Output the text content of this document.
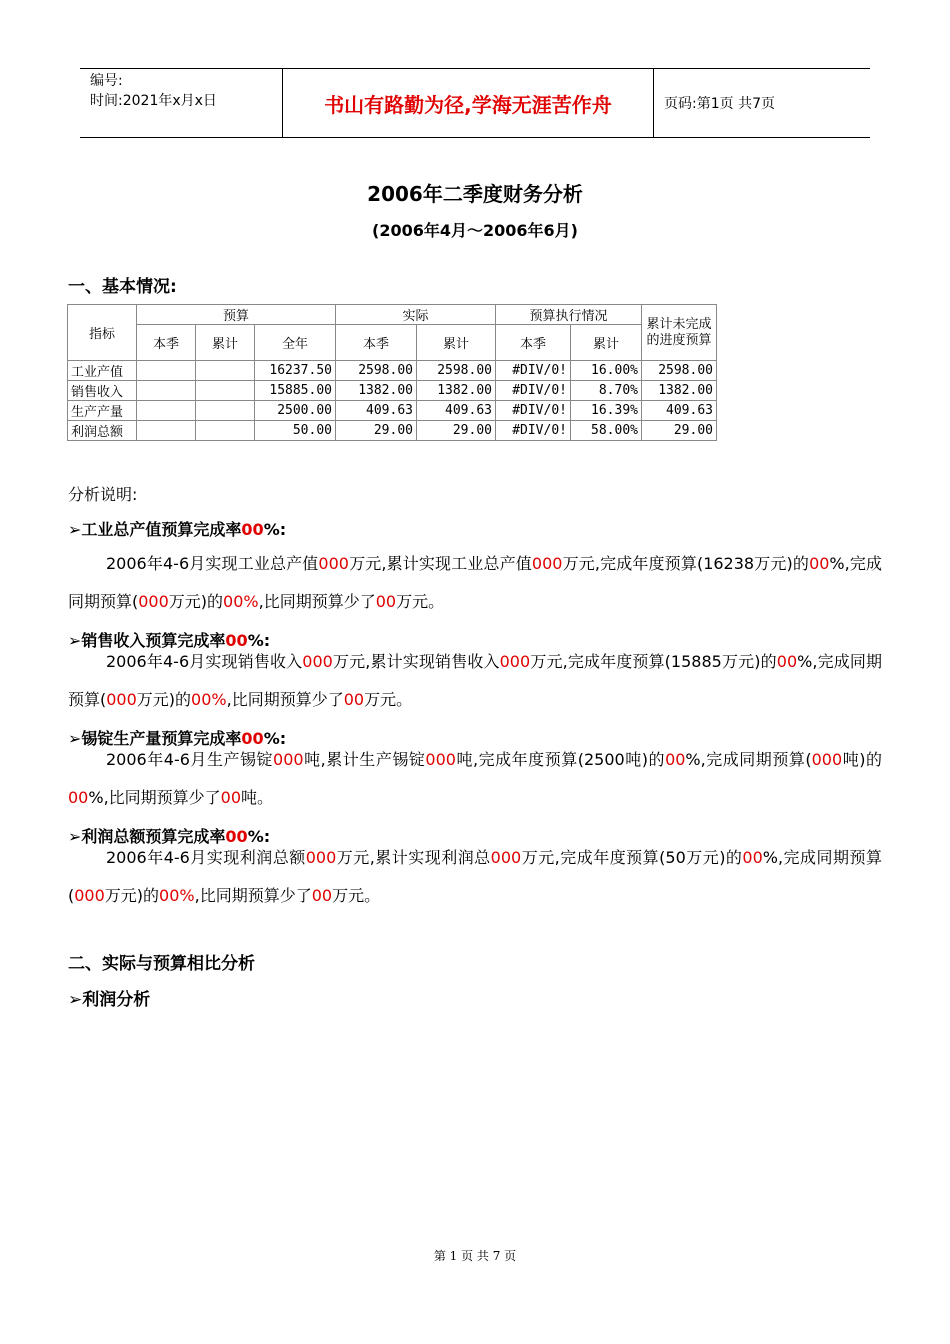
编号:
时间:2021年x月x日	书山有路勤为径,学海无涯苦作舟	页码:第1页 共7页
2006年二季度财务分析
(2006年4月～2006年6月)
一、基本情况:
指标	预算			实际		预算执行情况		累计未完成的进度预算
	本季	累计	全年	本季	累计	本季	累计	
工业产值			16237.50	2598.00	2598.00	#DIV/0!	16.00%	2598.00
销售收入			15885.00	1382.00	1382.00	#DIV/0!	8.70%	1382.00
生产产量			2500.00	409.63	409.63	#DIV/0!	16.39%	409.63
利润总额			50.00	29.00	29.00	#DIV/0!	58.00%	29.00
分析说明:
➢工业总产值预算完成率00%:
2006年4-6月实现工业总产值000万元,累计实现工业总产值000万元,完成年度预算(16238万元)的00%,完成同期预算(000万元)的00%,比同期预算少了00万元。
➢销售收入预算完成率00%:
2006年4-6月实现销售收入000万元,累计实现销售收入000万元,完成年度预算(15885万元)的00%,完成同期预算(000万元)的00%,比同期预算少了00万元。
➢锡锭生产量预算完成率00%:
2006年4-6月生产锡锭000吨,累计生产锡锭000吨,完成年度预算(2500吨)的00%,完成同期预算(000吨)的00%,比同期预算少了00吨。
➢利润总额预算完成率00%:
2006年4-6月实现利润总额000万元,累计实现利润总000万元,完成年度预算(50万元)的00%,完成同期预算(000万元)的00%,比同期预算少了00万元。
二、实际与预算相比分析
➢利润分析
第 1 页 共 7 页
